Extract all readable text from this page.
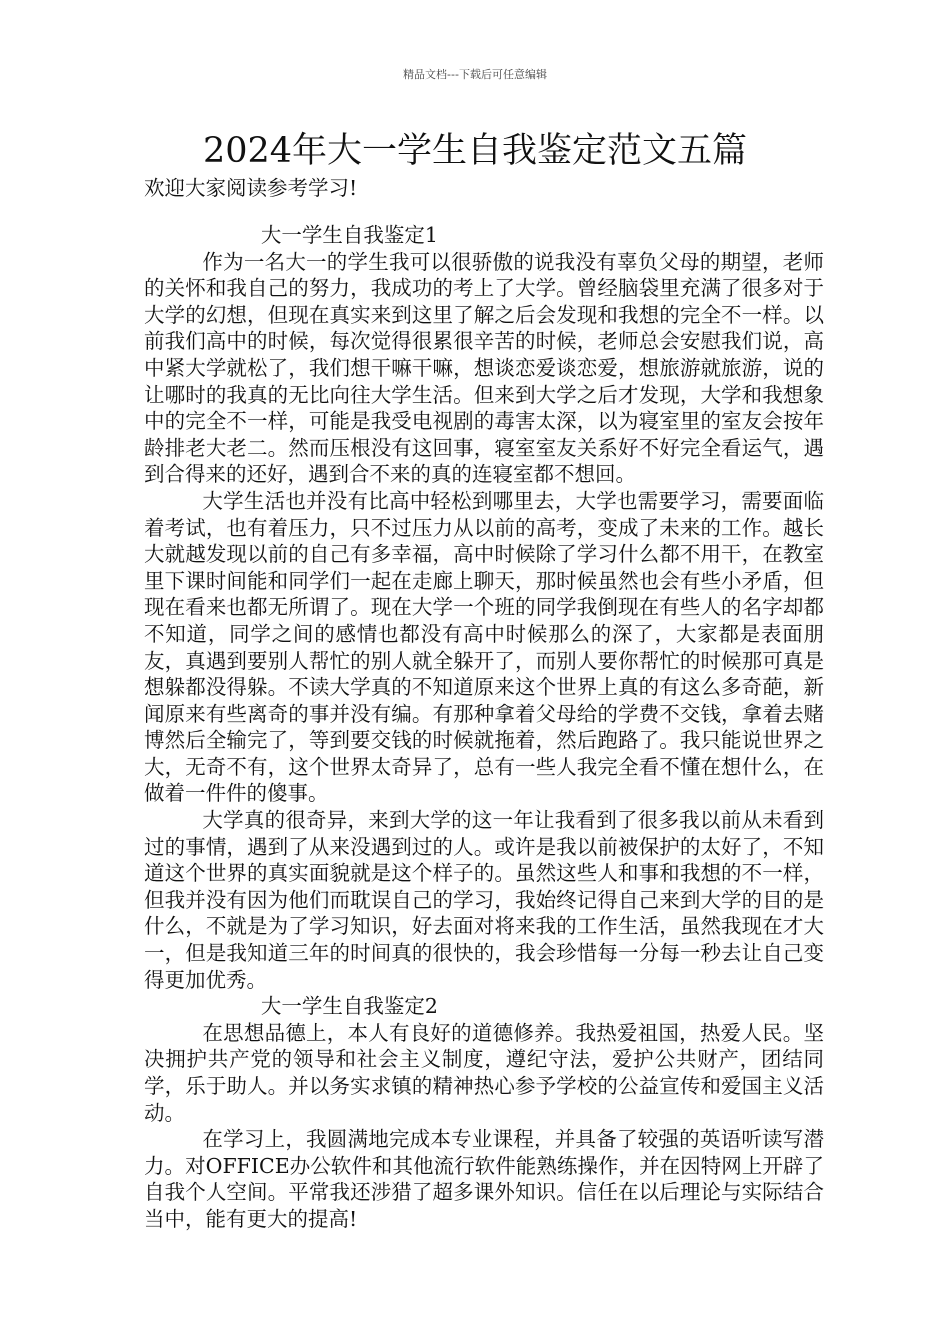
精品文档---下载后可任意编辑
2024年大一学生自我鉴定范文五篇

欢迎大家阅读参考学习!

大一学生自我鉴定1

作为一名大一的学生我可以很骄傲的说我没有辜负父母的期望，老师的关怀和我自己的努力，我成功的考上了大学。曾经脑袋里充满了很多对于大学的幻想，但现在真实来到这里了解之后会发现和我想的完全不一样。以前我们高中的时候，每次觉得很累很辛苦的时候，老师总会安慰我们说，高中紧大学就松了，我们想干嘛干嘛，想谈恋爱谈恋爱，想旅游就旅游，说的让哪时的我真的无比向往大学生活。但来到大学之后才发现，大学和我想象中的完全不一样，可能是我受电视剧的毒害太深，以为寝室里的室友会按年龄排老大老二。然而压根没有这回事，寝室室友关系好不好完全看运气，遇到合得来的还好，遇到合不来的真的连寝室都不想回。

大学生活也并没有比高中轻松到哪里去，大学也需要学习，需要面临着考试，也有着压力，只不过压力从以前的高考，变成了未来的工作。越长大就越发现以前的自己有多幸福，高中时候除了学习什么都不用干，在教室里下课时间能和同学们一起在走廊上聊天，那时候虽然也会有些小矛盾，但现在看来也都无所谓了。现在大学一个班的同学我倒现在有些人的名字却都不知道，同学之间的感情也都没有高中时候那么的深了，大家都是表面朋友，真遇到要别人帮忙的别人就全躲开了，而别人要你帮忙的时候那可真是想躲都没得躲。不读大学真的不知道原来这个世界上真的有这么多奇葩，新闻原来有些离奇的事并没有编。有那种拿着父母给的学费不交钱，拿着去赌博然后全输完了，等到要交钱的时候就拖着，然后跑路了。我只能说世界之大，无奇不有，这个世界太奇异了，总有一些人我完全看不懂在想什么，在做着一件件的傻事。

大学真的很奇异，来到大学的这一年让我看到了很多我以前从未看到过的事情，遇到了从来没遇到过的人。或许是我以前被保护的太好了，不知道这个世界的真实面貌就是这个样子的。虽然这些人和事和我想的不一样，但我并没有因为他们而耽误自己的学习，我始终记得自己来到大学的目的是什么，不就是为了学习知识，好去面对将来我的工作生活，虽然我现在才大一，但是我知道三年的时间真的很快的，我会珍惜每一分每一秒去让自己变得更加优秀。

大一学生自我鉴定2

在思想品德上，本人有良好的道德修养。我热爱祖国，热爱人民。坚决拥护共产党的领导和社会主义制度，遵纪守法，爱护公共财产，团结同学，乐于助人。并以务实求镇的精神热心参予学校的公益宣传和爱国主义活动。

在学习上，我圆满地完成本专业课程，并具备了较强的英语听读写潜力。对OFFICE办公软件和其他流行软件能熟练操作，并在因特网上开辟了自我个人空间。平常我还涉猎了超多课外知识。信任在以后理论与实际结合当中，能有更大的提高!
